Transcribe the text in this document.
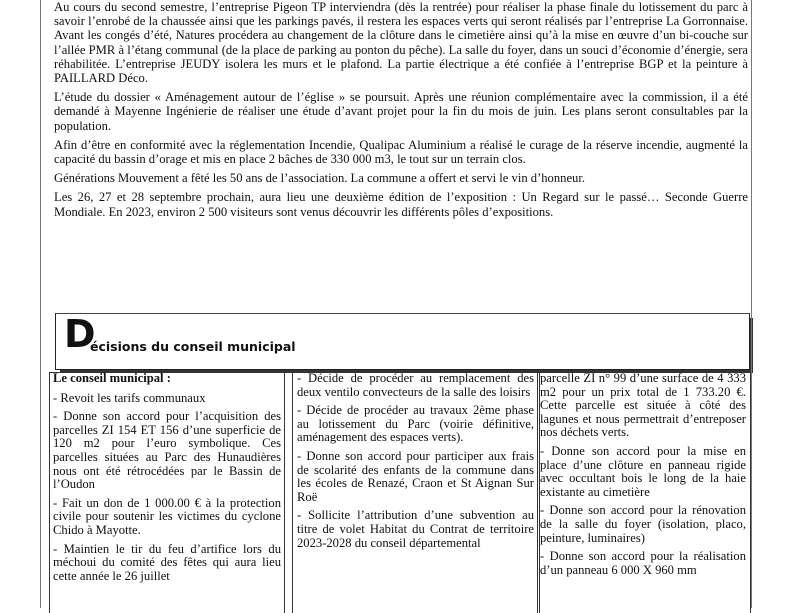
Au cours du second semestre, l’entreprise Pigeon TP interviendra (dès la rentrée) pour réaliser la phase finale du lotissement du parc à savoir l’enrobé de la chaussée ainsi que les parkings pavés, il restera les espaces verts qui seront réalisés par l’entreprise La Gorronnaise. Avant les congés d’été, Natures procédera au changement de la clôture dans le cimetière ainsi qu’à la mise en œuvre d’un bi-couche sur l’allée PMR à l’étang communal (de la place de parking au ponton du pêche). La salle du foyer, dans un souci d’économie d’énergie, sera réhabilitée. L’entreprise JEUDY isolera les murs et le plafond. La partie électrique a été confiée à l’entreprise BGP et la peinture à PAILLARD Déco.

L’étude du dossier « Aménagement autour de l’église » se poursuit. Après une réunion complémentaire avec la commission, il a été demandé à Mayenne Ingénierie de réaliser une étude d’avant projet pour la fin du mois de juin. Les plans seront consultables par la population.

Afin d’être en conformité avec la réglementation Incendie, Qualipac Aluminium a réalisé le curage de la réserve incendie, augmenté la capacité du bassin d’orage et mis en place 2 bâches de 330 000 m3, le tout sur un terrain clos.

Générations Mouvement a fêté les 50 ans de l’association. La commune a offert et servi le vin d’honneur.

Les 26, 27 et 28 septembre prochain, aura lieu une deuxième édition de l’exposition : Un Regard sur le passé… Seconde Guerre Mondiale. En 2023, environ 2 500 visiteurs sont venus découvrir les différents pôles d’expositions.

D
écisions du conseil municipal
Le conseil municipal :
- Revoit les tarifs communaux
- Donne son accord pour l’acquisition des parcelles ZI 154 ET 156 d’une superficie de 120 m2 pour l’euro symbolique. Ces parcelles situées au Parc des Hunaudières nous ont été rétrocédées par le Bassin de l’Oudon
- Fait un don de 1 000.00 € à la protection civile pour soutenir les victimes du cyclone Chido à Mayotte.
- Maintien le tir du feu d’artifice lors du méchoui du comité des fêtes qui aura lieu cette année le 26 juillet
- Décide de procéder au remplacement des deux ventilo convecteurs de la salle des loisirs
- Décide de procéder au travaux 2ème phase au lotissement du Parc (voirie définitive, aménagement des espaces verts).
- Donne son accord pour participer aux frais de scolarité des enfants de la commune dans les écoles de Renazé, Craon et St Aignan Sur Roë
- Sollicite l’attribution d’une subvention au titre de volet Habitat du Contrat de territoire 2023-2028 du conseil départemental
parcelle ZI n° 99 d’une surface de 4 333 m2 pour un prix total de 1 733.20 €. Cette parcelle est située à côté des lagunes et nous permettrait d’entreposer nos déchets verts.
- Donne son accord pour la mise en place d’une clôture en panneau rigide avec occultant bois le long de la haie existante au cimetière
- Donne son accord pour la rénovation de la salle du foyer (isolation, placo, peinture, luminaires)
- Donne son accord pour la réalisation d’un panneau 6 000 X 960 mm
